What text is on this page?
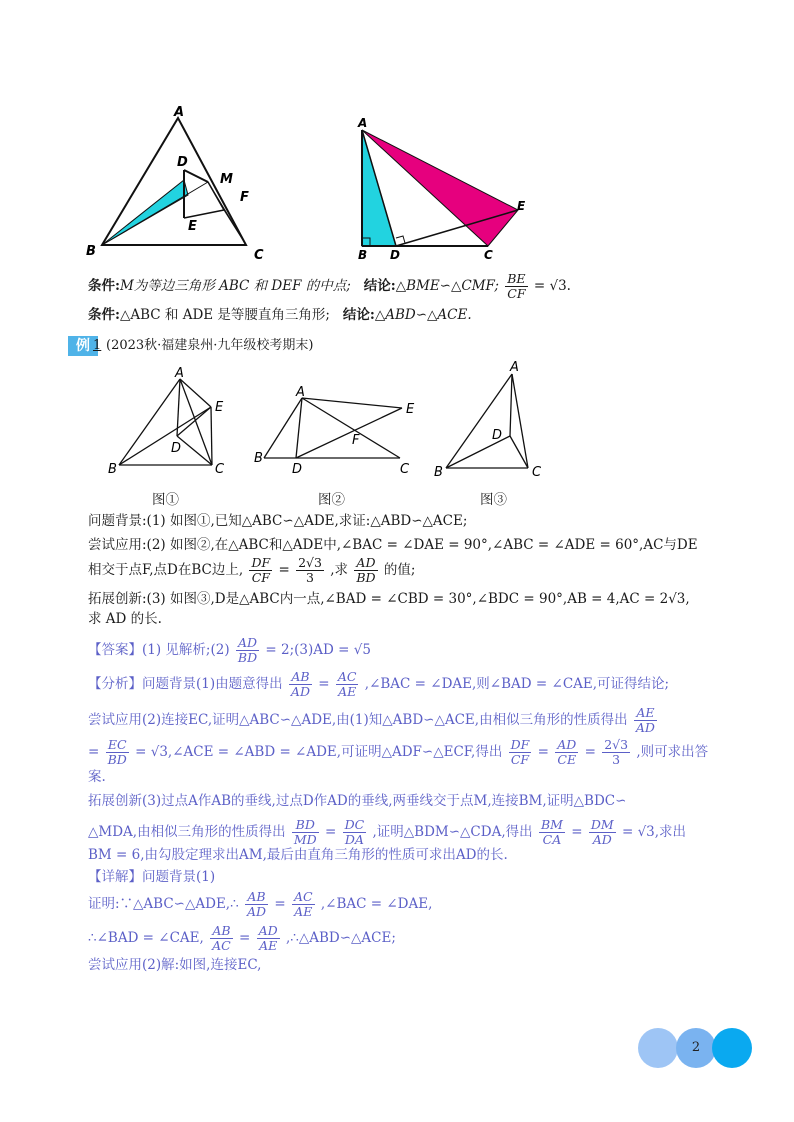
A
D
M
F
E
B	C
A
E
B D	C
条件:M为等边三角形 ABC 和 DEF 的中点; 结论:△BME∽△CMF; $\frac{BE}{CF} = √3$.
条件:△ABC 和 ADE 是等腰直角三角形; 结论:△ABD∽△ACE.
例 1 (2023秋·福建泉州·九年级校考期末)
A
E
D
B	C
图①
A
E
F
B
D	C
图②
A
D
B	C
图③
问题背景:(1) 如图①,已知△ABC∽△ADE,求证:△ABD∽△ACE;
尝试应用:(2) 如图②,在△ABC和△ADE中,∠BAC = ∠DAE = 90°,∠ABC = ∠ADE = 60°,AC与DE
相交于点F,点D在BC边上, $\frac{DF}{CF} = \frac{2√3}{3}$ ,求 $\frac{AD}{BD}$ 的值;
拓展创新:(3) 如图③,D是△ABC内一点,∠BAD = ∠CBD = 30°,∠BDC = 90°,AB = 4,AC = 2√3,
求 AD 的长.
【答案】(1) 见解析;(2) $\frac{AD}{BD}$ = 2;(3)AD = √5
【分析】问题背景(1)由题意得出 $\frac{AB}{AD} = \frac{AC}{AE}$ ,∠BAC = ∠DAE,则∠BAD = ∠CAE,可证得结论;
尝试应用(2)连接EC,证明△ABC∽△ADE,由(1)知△ABD∽△ACE,由相似三角形的性质得出 $\frac{AE}{AD}$
= $\frac{EC}{BD}$ = √3,∠ACE = ∠ABD = ∠ADE,可证明△ADF∽△ECF,得出 $\frac{DF}{CF} = \frac{AD}{CE} = \frac{2√3}{3}$ ,则可求出答
案.
拓展创新(3)过点A作AB的垂线,过点D作AD的垂线,两垂线交于点M,连接BM,证明△BDC∽
△MDA,由相似三角形的性质得出 $\frac{BD}{MD} = \frac{DC}{DA}$ ,证明△BDM∽△CDA,得出 $\frac{BM}{CA} = \frac{DM}{AD} = √3$,求出
BM = 6,由勾股定理求出AM,最后由直角三角形的性质可求出AD的长.
【详解】问题背景(1)
证明:∵△ABC∽△ADE,∴ $\frac{AB}{AD} = \frac{AC}{AE}$ ,∠BAC = ∠DAE,
∴∠BAD = ∠CAE, $\frac{AB}{AC} = \frac{AD}{AE}$ ,∴△ABD∽△ACE;
尝试应用(2)解:如图,连接EC,
2
